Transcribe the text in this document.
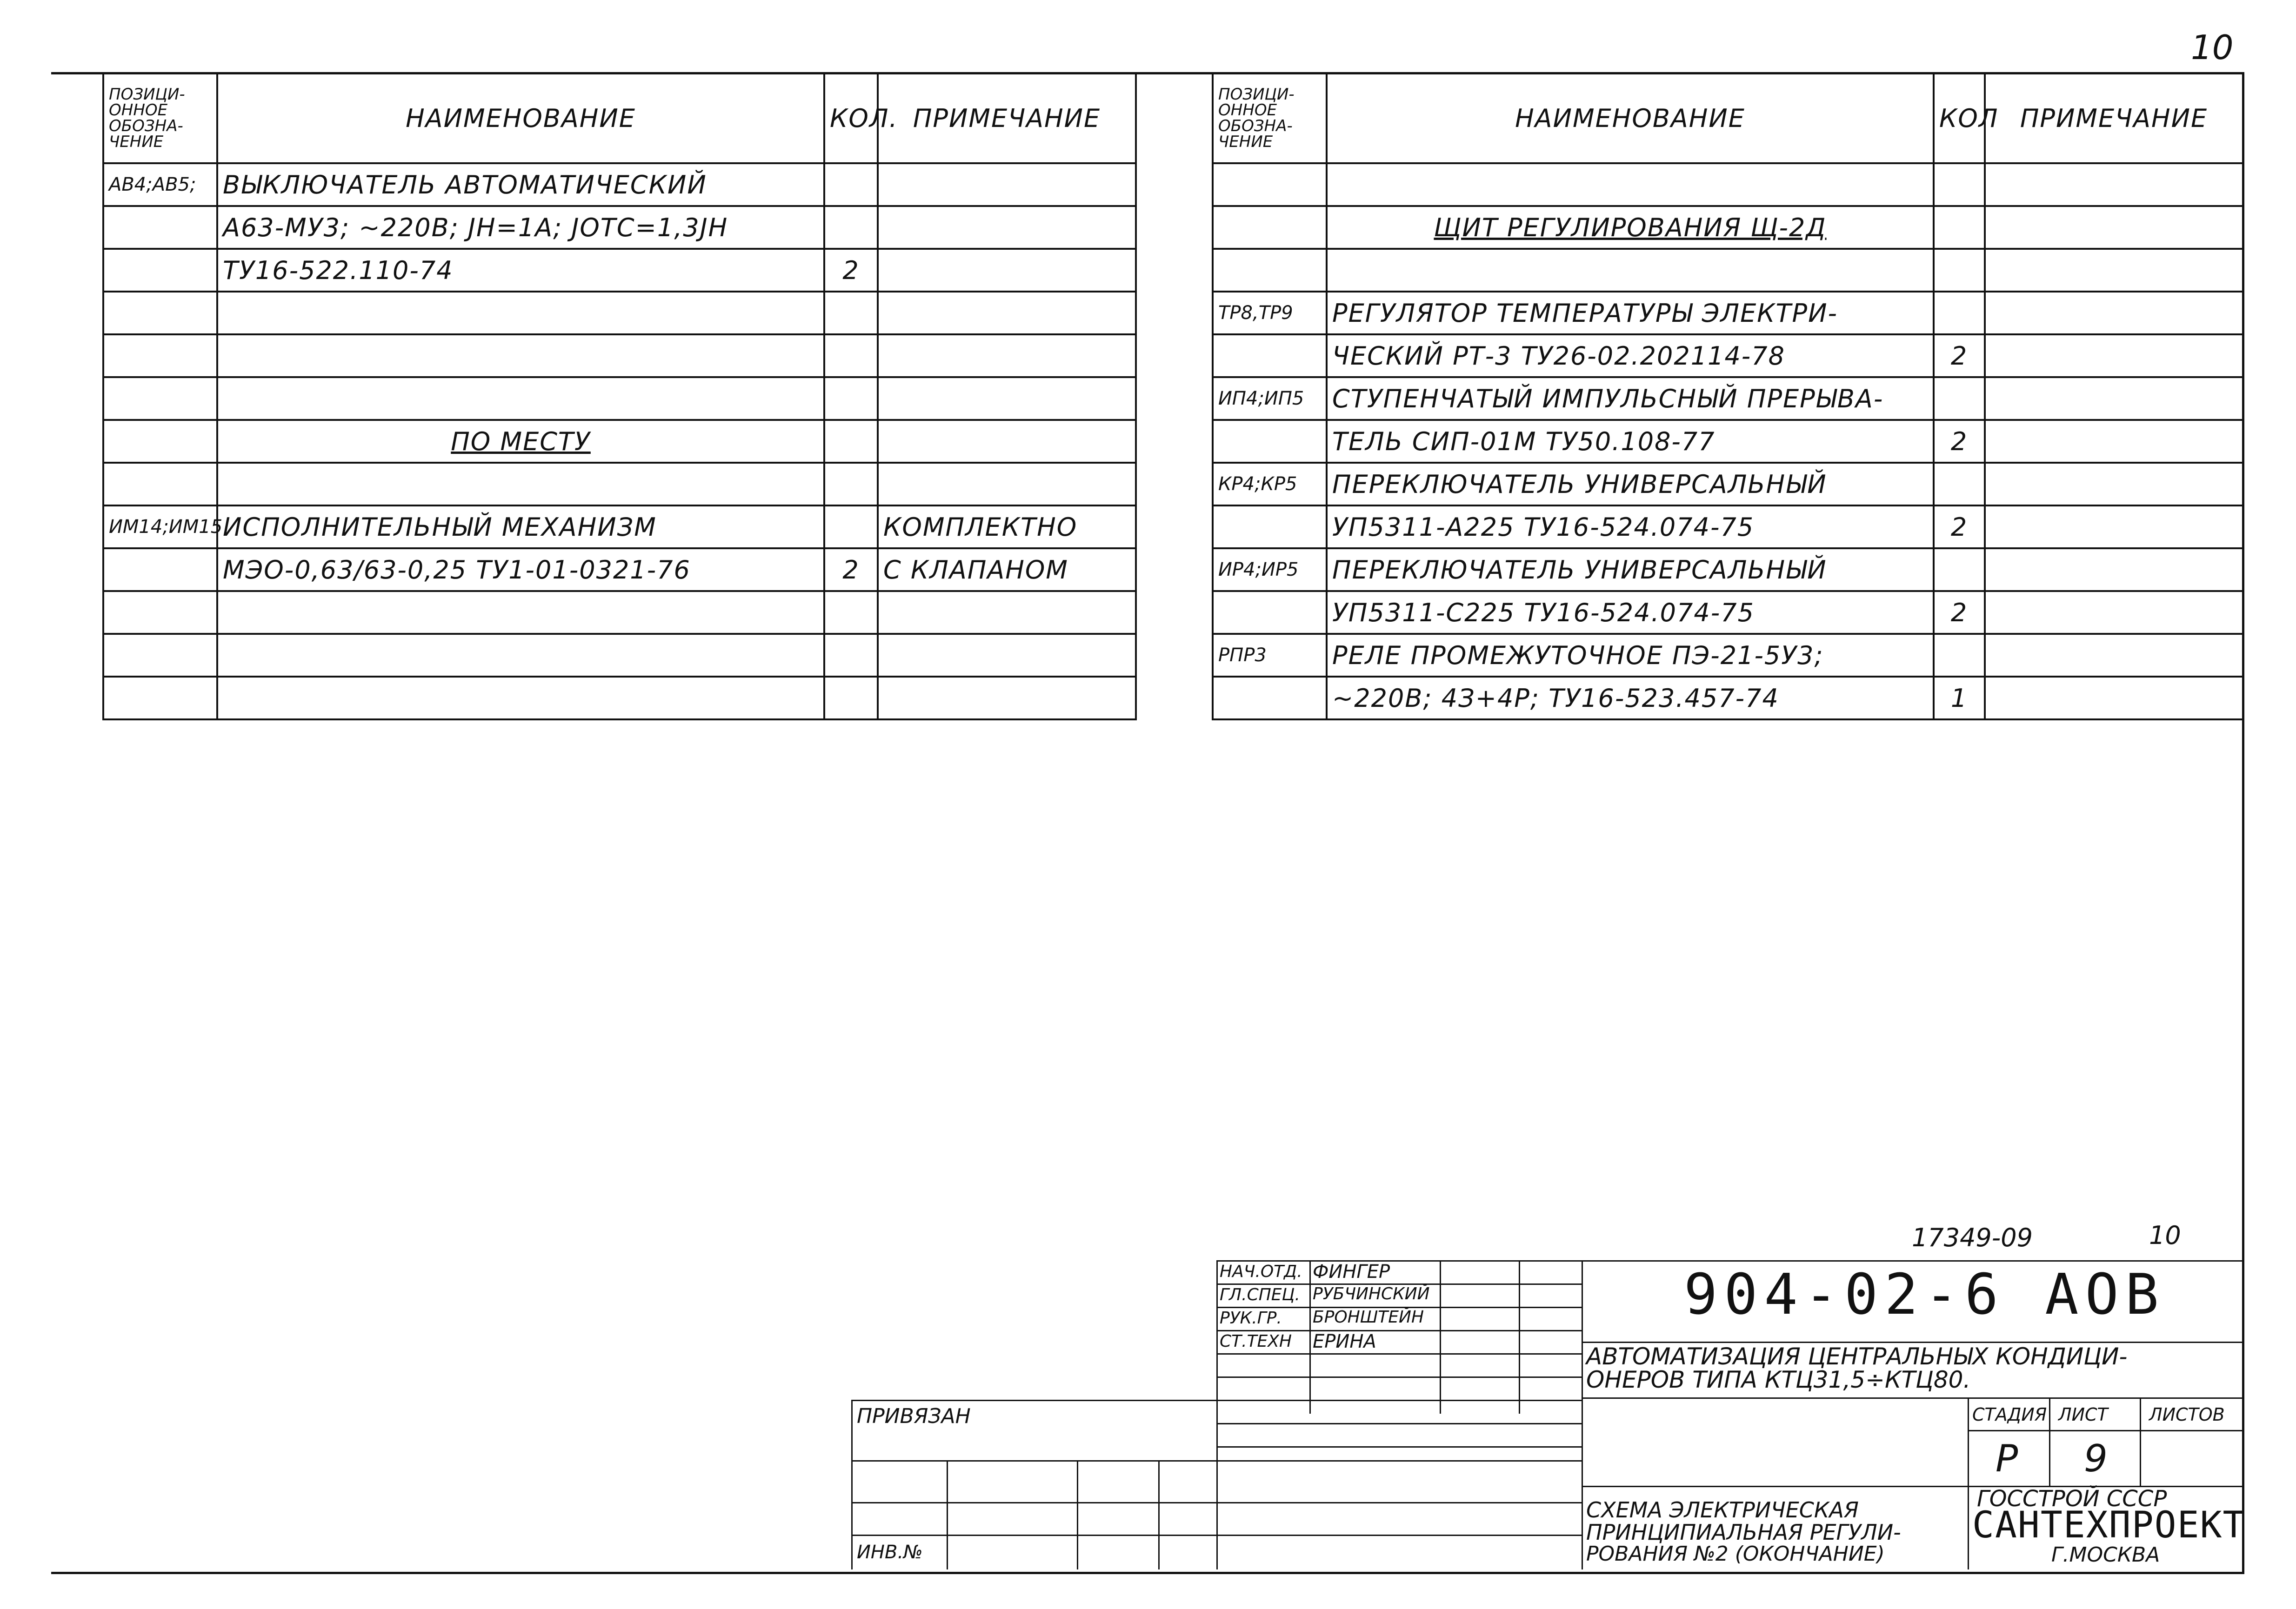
10
ПОЗИЦИ-ОННОЕ ОБОЗНА-ЧЕНИЕ	НАИМЕНОВАНИЕ	КОЛ.	ПРИМЕЧАНИЕ
АВ4;АВ5;	ВЫКЛЮЧАТЕЛЬ АВТОМАТИЧЕСКИЙ		
	А63-МУ3; ~220В; JН=1А; JОТС=1,3JН		
	ТУ16-522.110-74	2	

	ПО МЕСТУ		

ИМ14;ИМ15	ИСПОЛНИТЕЛЬНЫЙ МЕХАНИЗМ		КОМПЛЕКТНО
	МЭО-0,63/63-0,25 ТУ1-01-0321-76	2	С КЛАПАНОМ

ПОЗИЦИ-ОННОЕ ОБОЗНА-ЧЕНИЕ	НАИМЕНОВАНИЕ	КОЛ	ПРИМЕЧАНИЕ

	ЩИТ РЕГУЛИРОВАНИЯ Щ-2Д		

ТР8,ТР9	РЕГУЛЯТОР ТЕМПЕРАТУРЫ ЭЛЕКТРИ-		
	ЧЕСКИЙ РТ-3 ТУ26-02.202114-78	2	
ИП4;ИП5	СТУПЕНЧАТЫЙ ИМПУЛЬСНЫЙ ПРЕРЫВА-		
	ТЕЛЬ СИП-01М ТУ50.108-77	2	
КР4;КР5	ПЕРЕКЛЮЧАТЕЛЬ УНИВЕРСАЛЬНЫЙ		
	УП5311-А225 ТУ16-524.074-75	2	
ИР4;ИР5	ПЕРЕКЛЮЧАТЕЛЬ УНИВЕРСАЛЬНЫЙ		
	УП5311-С225 ТУ16-524.074-75	2	
РПР3	РЕЛЕ ПРОМЕЖУТОЧНОЕ ПЭ-21-5У3;		
	~220В; 4З+4Р; ТУ16-523.457-74	1	
17349-09	10
НАЧ.ОТД. ФИНГЕР
ГЛ.СПЕЦ. РУБЧИНСКИЙ
РУК.ГР. БРОНШТЕЙН
СТ.ТЕХН ЕРИНА
ПРИВЯЗАН
ИНВ.№
904-02-6 АОВ
АВТОМАТИЗАЦИЯ ЦЕНТРАЛЬНЫХ КОНДИЦИ-
ОНЕРОВ ТИПА КТЦ31,5÷КТЦ80.
СТАДИЯ ЛИСТ ЛИСТОВ
Р 9
СХЕМА ЭЛЕКТРИЧЕСКАЯ
ПРИНЦИПИАЛЬНАЯ РЕГУЛИ-
РОВАНИЯ №2 (ОКОНЧАНИЕ)
ГОССТРОЙ СССР
САНТЕХПРОЕКТ
Г.МОСКВА
